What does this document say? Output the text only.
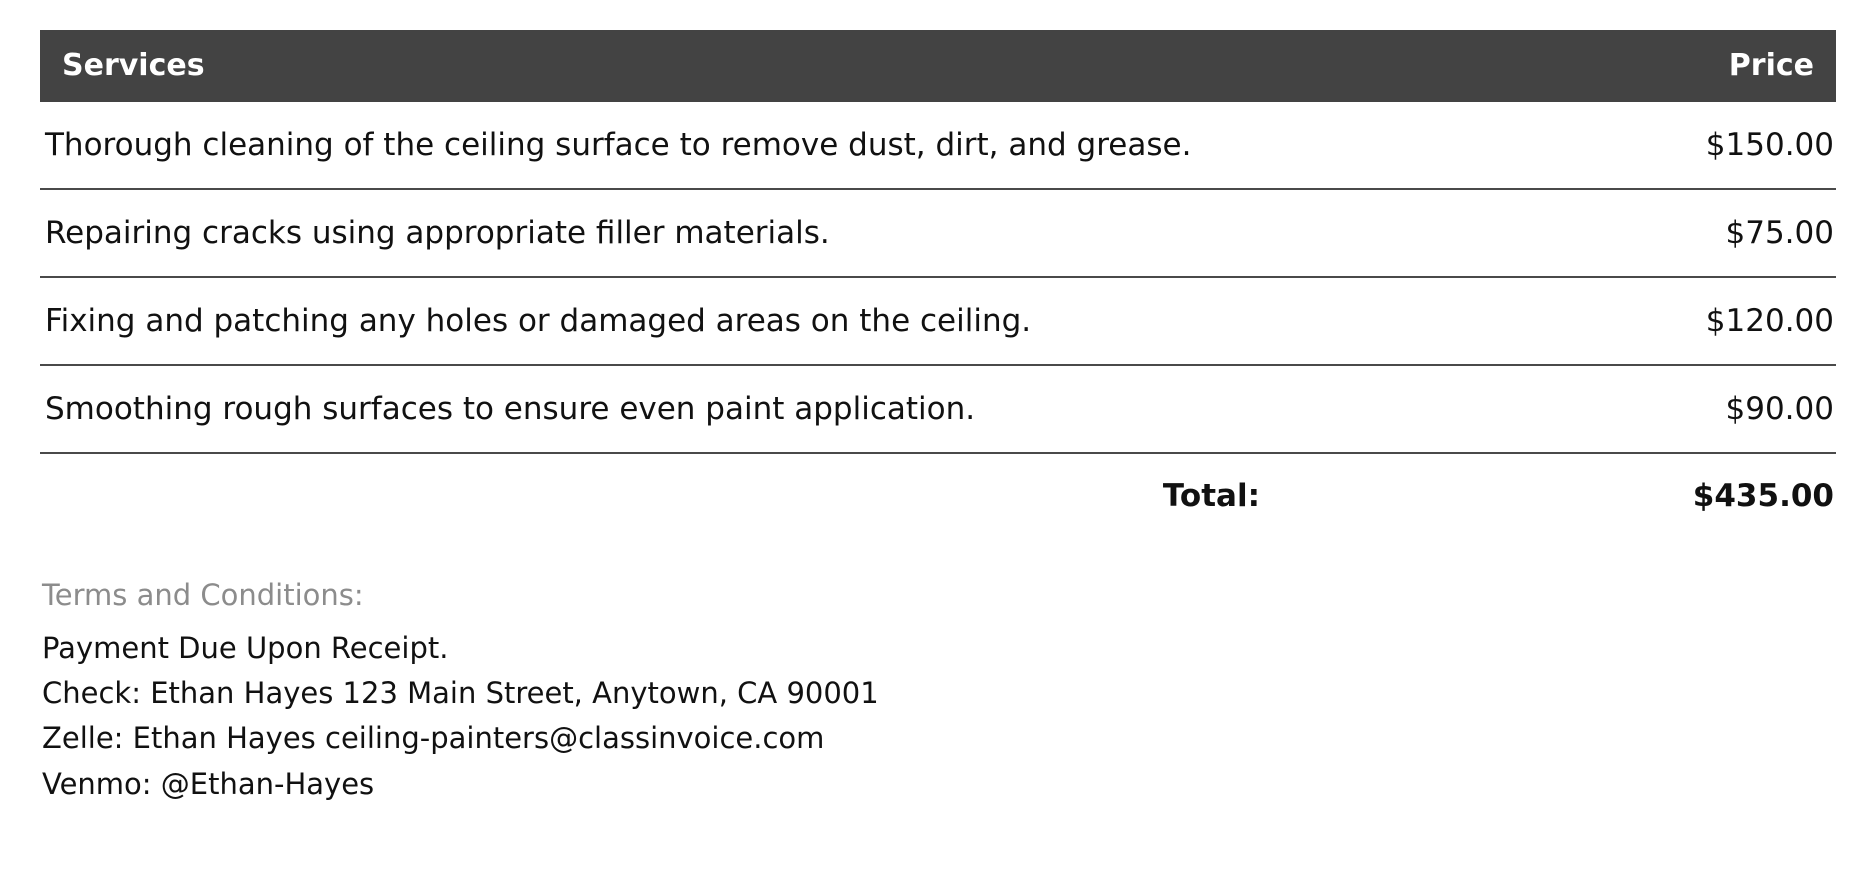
Services	Price
Thorough cleaning of the ceiling surface to remove dust, dirt, and grease.	$150.00
Repairing cracks using appropriate filler materials.	$75.00
Fixing and patching any holes or damaged areas on the ceiling.	$120.00
Smoothing rough surfaces to ensure even paint application.	$90.00
Total:	$435.00
Terms and Conditions:
Payment Due Upon Receipt.
Check: Ethan Hayes 123 Main Street, Anytown, CA 90001
Zelle: Ethan Hayes ceiling-painters@classinvoice.com
Venmo: @Ethan-Hayes
